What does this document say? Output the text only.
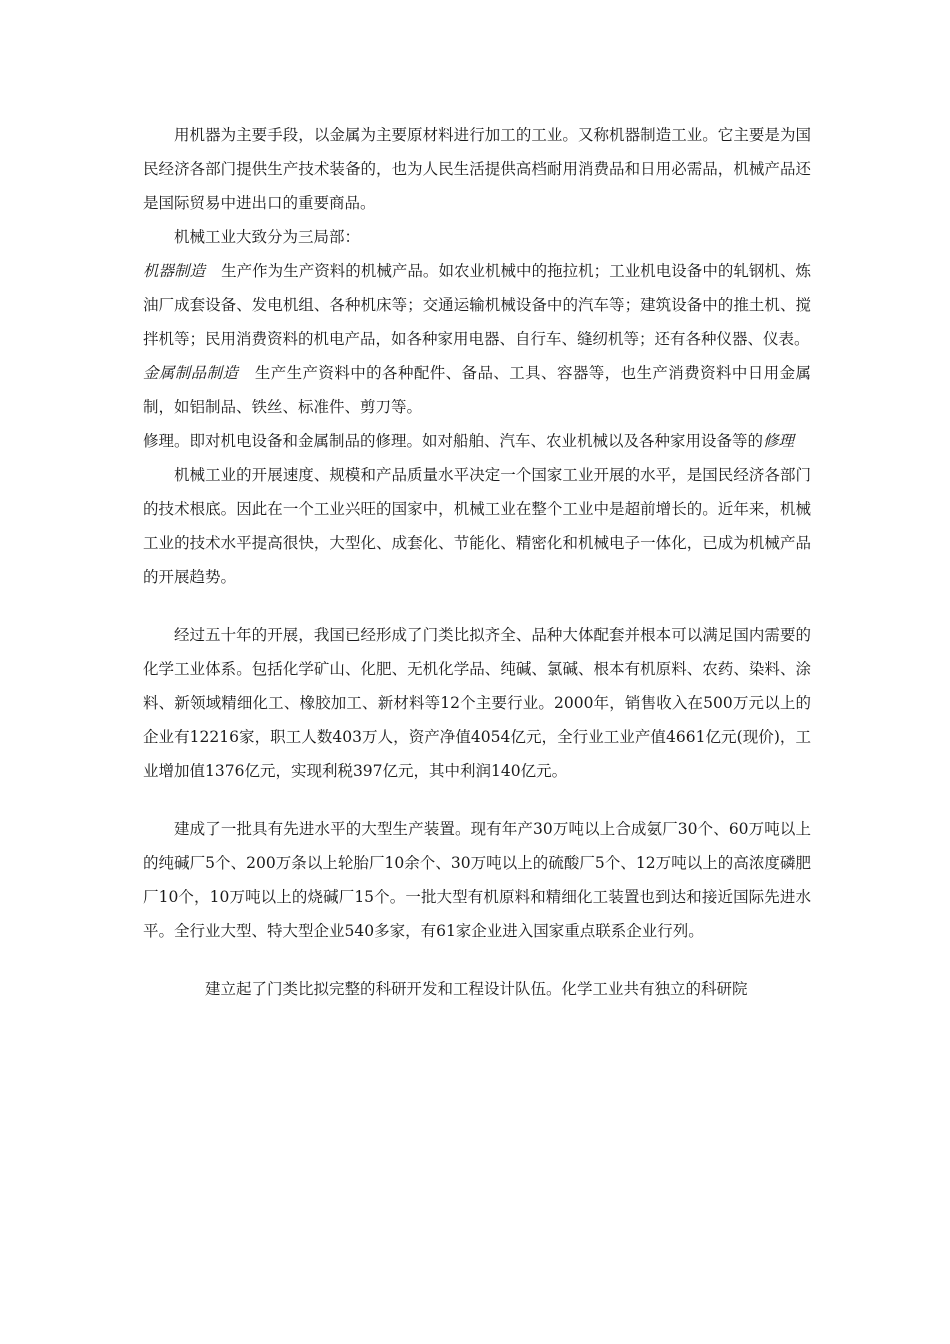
用机器为主要手段，以金属为主要原材料进行加工的工业。又称机器制造工业。它主要是为国民经济各部门提供生产技术装备的，也为人民生活提供高档耐用消费品和日用必需品，机械产品还是国际贸易中进出口的重要商品。

机械工业大致分为三局部：

机器制造 生产作为生产资料的机械产品。如农业机械中的拖拉机；工业机电设备中的轧钢机、炼油厂成套设备、发电机组、各种机床等；交通运输机械设备中的汽车等；建筑设备中的推土机、搅拌机等；民用消费资料的机电产品，如各种家用电器、自行车、缝纫机等；还有各种仪器、仪表。

金属制品制造 生产生产资料中的各种配件、备品、工具、容器等，也生产消费资料中日用金属制，如铝制品、铁丝、标准件、剪刀等。

修理。即对机电设备和金属制品的修理。如对船舶、汽车、农业机械以及各种家用设备等的修理

机械工业的开展速度、规模和产品质量水平决定一个国家工业开展的水平，是国民经济各部门的技术根底。因此在一个工业兴旺的国家中，机械工业在整个工业中是超前增长的。近年来，机械工业的技术水平提高很快，大型化、成套化、节能化、精密化和机械电子一体化，已成为机械产品的开展趋势。

经过五十年的开展，我国已经形成了门类比拟齐全、品种大体配套并根本可以满足国内需要的化学工业体系。包括化学矿山、化肥、无机化学品、纯碱、氯碱、根本有机原料、农药、染料、涂料、新领域精细化工、橡胶加工、新材料等12个主要行业。2000年，销售收入在500万元以上的企业有12216家，职工人数403万人，资产净值4054亿元，全行业工业产值4661亿元(现价)，工业增加值1376亿元，实现利税397亿元，其中利润140亿元。

建成了一批具有先进水平的大型生产装置。现有年产30万吨以上合成氨厂30个、60万吨以上的纯碱厂5个、200万条以上轮胎厂10余个、30万吨以上的硫酸厂5个、12万吨以上的高浓度磷肥厂10个，10万吨以上的烧碱厂15个。一批大型有机原料和精细化工装置也到达和接近国际先进水平。全行业大型、特大型企业540多家，有61家企业进入国家重点联系企业行列。

建立起了门类比拟完整的科研开发和工程设计队伍。化学工业共有独立的科研院
